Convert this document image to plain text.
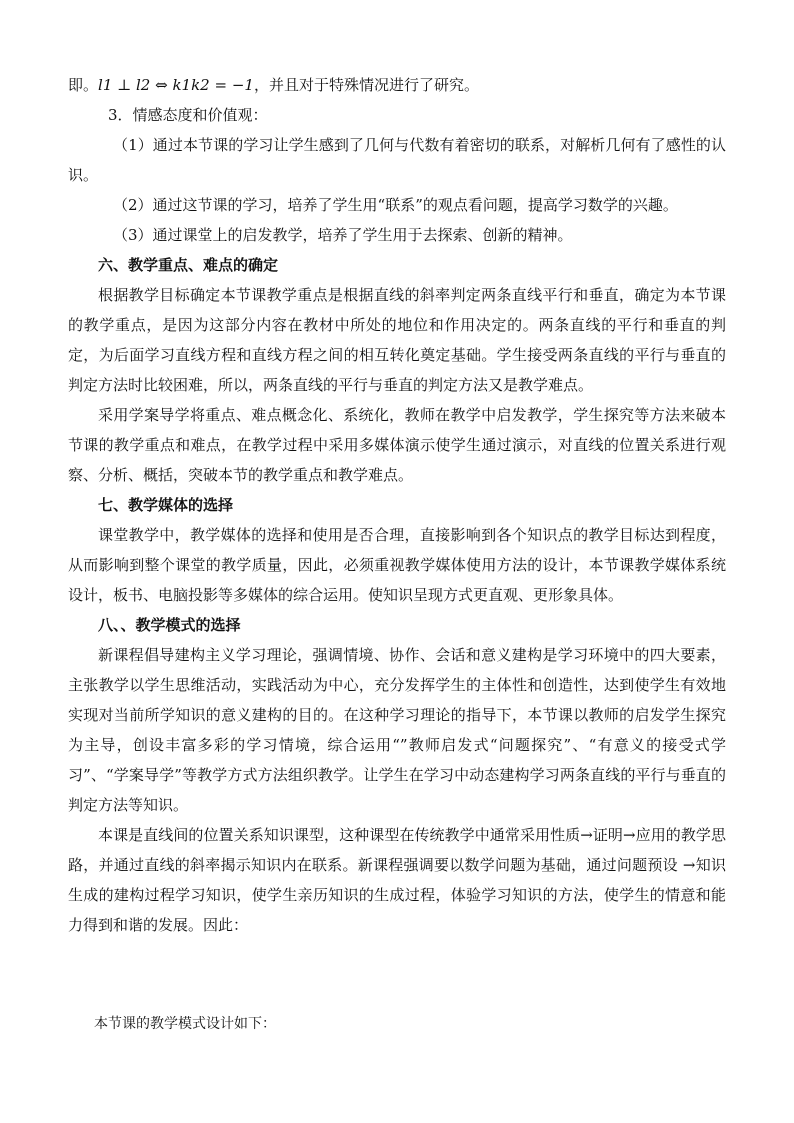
即。l1 ⊥ l2 ⇔ k1k2 = −1，并且对于特殊情况进行了研究。

3．情感态度和价值观：

（1）通过本节课的学习让学生感到了几何与代数有着密切的联系，对解析几何有了感性的认识。

（2）通过这节课的学习，培养了学生用“联系”的观点看问题，提高学习数学的兴趣。

（3）通过课堂上的启发教学，培养了学生用于去探索、创新的精神。

六、教学重点、难点的确定

根据教学目标确定本节课教学重点是根据直线的斜率判定两条直线平行和垂直，确定为本节课的教学重点，是因为这部分内容在教材中所处的地位和作用决定的。两条直线的平行和垂直的判定，为后面学习直线方程和直线方程之间的相互转化奠定基础。学生接受两条直线的平行与垂直的判定方法时比较困难，所以，两条直线的平行与垂直的判定方法又是教学难点。

采用学案导学将重点、难点概念化、系统化，教师在教学中启发教学，学生探究等方法来破本节课的教学重点和难点，在教学过程中采用多媒体演示使学生通过演示，对直线的位置关系进行观察、分析、概括，突破本节的教学重点和教学难点。

七、教学媒体的选择

课堂教学中，教学媒体的选择和使用是否合理，直接影响到各个知识点的教学目标达到程度，从而影响到整个课堂的教学质量，因此，必须重视教学媒体使用方法的设计，本节课教学媒体系统设计，板书、电脑投影等多媒体的综合运用。使知识呈现方式更直观、更形象具体。

八、、教学模式的选择

新课程倡导建构主义学习理论，强调情境、协作、会话和意义建构是学习环境中的四大要素，主张教学以学生思维活动，实践活动为中心，充分发挥学生的主体性和创造性，达到使学生有效地实现对当前所学知识的意义建构的目的。在这种学习理论的指导下，本节课以教师的启发学生探究为主导，创设丰富多彩的学习情境，综合运用“”教师启发式“问题探究”、“有意义的接受式学习”、“学案导学”等教学方式方法组织教学。让学生在学习中动态建构学习两条直线的平行与垂直的判定方法等知识。

本课是直线间的位置关系知识课型，这种课型在传统教学中通常采用性质→证明→应用的教学思路，并通过直线的斜率揭示知识内在联系。新课程强调要以数学问题为基础，通过问题预设 →知识生成的建构过程学习知识，使学生亲历知识的生成过程，体验学习知识的方法，使学生的情意和能力得到和谐的发展。因此：

本节课的教学模式设计如下：
